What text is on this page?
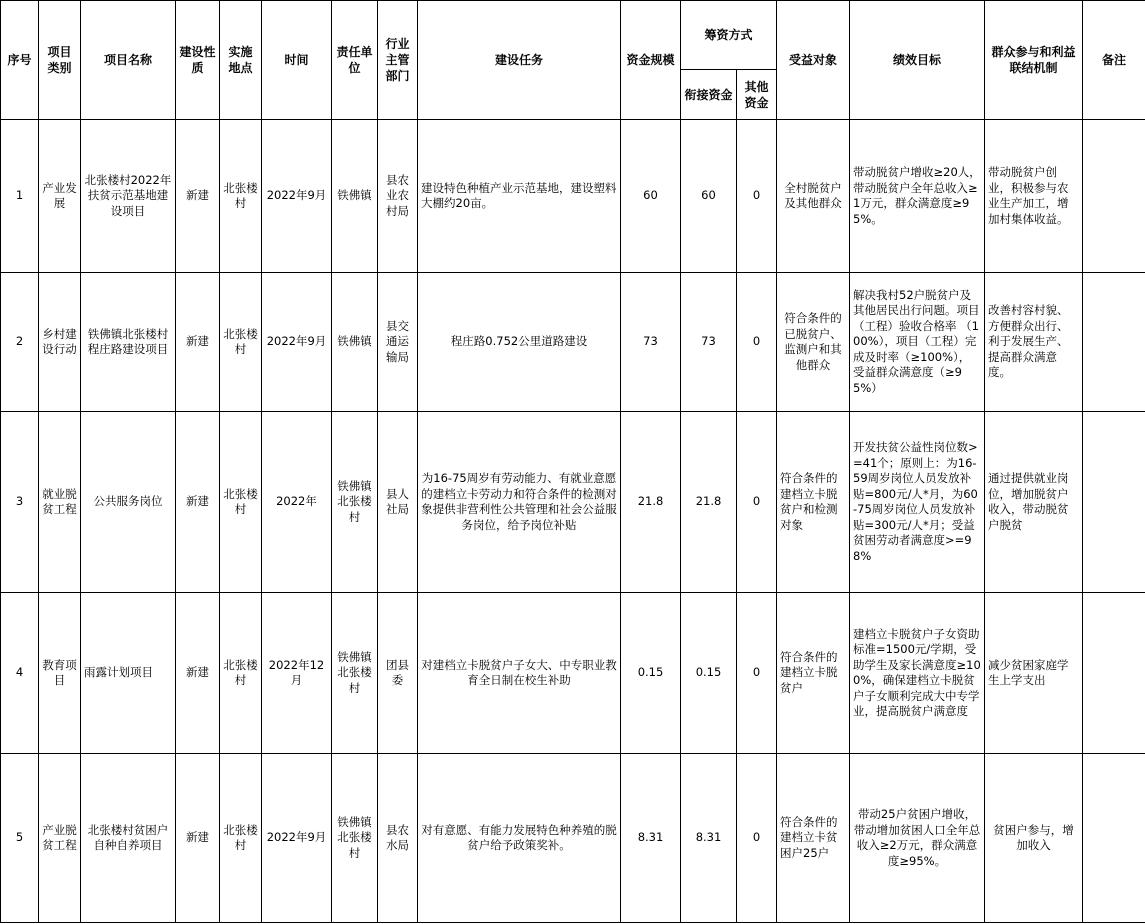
序号	项目类别	项目名称	建设性质	实施地点	时间	责任单位	行业主管部门	建设任务	资金规模	筹资方式		受益对象	绩效目标	群众参与和利益联结机制	备注
										衔接资金	其他资金				
1	产业发展	北张楼村2022年扶贫示范基地建设项目	新建	北张楼村	2022年9月	铁佛镇	县农业农村局	建设特色种植产业示范基地，建设塑料大棚约20亩。	60	60	0	全村脱贫户及其他群众	带动脱贫户增收≥20人，带动脱贫户全年总收入≥1万元，群众满意度≥95%。	带动脱贫户创业，积极参与农业生产加工，增加村集体收益。	
2	乡村建设行动	铁佛镇北张楼村程庄路建设项目	新建	北张楼村	2022年9月	铁佛镇	县交通运输局	程庄路0.752公里道路建设	73	73	0	符合条件的已脱贫户、监测户和其他群众	解决我村52户脱贫户及其他居民出行问题。项目（工程）验收合格率 （100%），项目（工程）完成及时率（≥100%），受益群众满意度（≥95%）	改善村容村貌、方便群众出行、利于发展生产、提高群众满意度。	
3	就业脱贫工程	公共服务岗位	新建	北张楼村	2022年	铁佛镇北张楼村	县人社局	为16-75周岁有劳动能力、有就业意愿的建档立卡劳动力和符合条件的检测对象提供非营利性公共管理和社会公益服务岗位，给予岗位补贴	21.8	21.8	0	符合条件的建档立卡脱贫户和检测对象	开发扶贫公益性岗位数>=41个；原则上：为16-59周岁岗位人员发放补贴=800元/人*月，为60-75周岁岗位人员发放补贴=300元/人*月；受益贫困劳动者满意度>=98%	通过提供就业岗位，增加脱贫户收入，带动脱贫户脱贫	
4	教育项目	雨露计划项目	新建	北张楼村	2022年12月	铁佛镇北张楼村	团县委	对建档立卡脱贫户子女大、中专职业教育全日制在校生补助	0.15	0.15	0	符合条件的建档立卡脱贫户	建档立卡脱贫户子女资助标准=1500元/学期，受助学生及家长满意度≥100%，确保建档立卡脱贫户子女顺利完成大中专学业，提高脱贫户满意度	减少贫困家庭学生上学支出	
5	产业脱贫工程	北张楼村贫困户自种自养项目	新建	北张楼村	2022年9月	铁佛镇北张楼村	县农水局	对有意愿、有能力发展特色种养殖的脱贫户给予政策奖补。	8.31	8.31	0	符合条件的建档立卡贫困户25户	带动25户贫困户增收，带动增加贫困人口全年总收入≥2万元，群众满意度≥95%。	贫困户参与，增加收入	
